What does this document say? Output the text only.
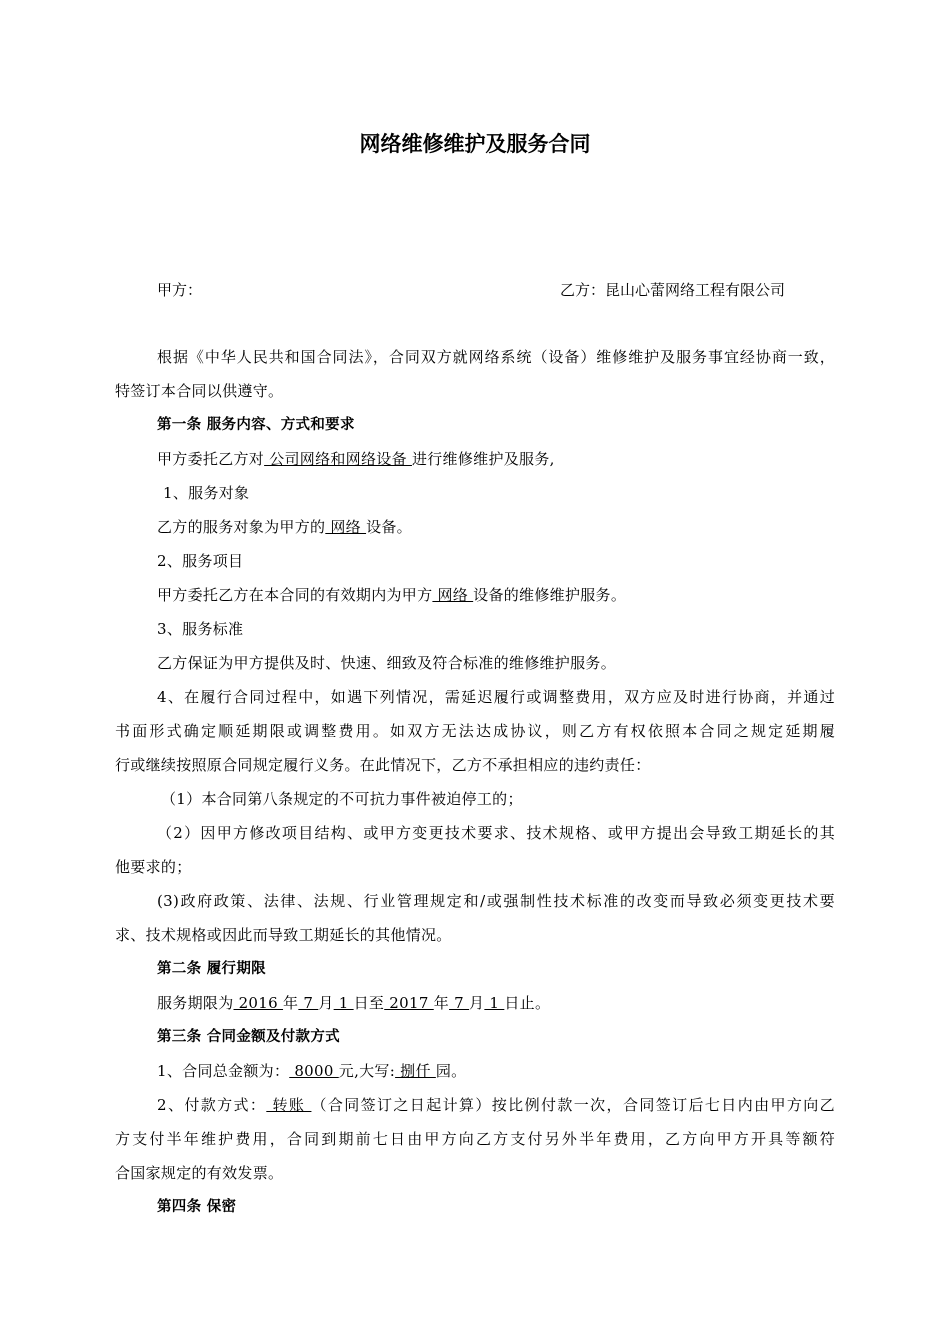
网络维修维护及服务合同
甲方：	乙方：昆山心蕾网络工程有限公司

根据《中华人民共和国合同法》，合同双方就网络系统（设备）维修维护及服务事宜经协商一致，

特签订本合同以供遵守。

第一条 服务内容、方式和要求

甲方委托乙方对 公司网络和网络设备 进行维修维护及服务,

1、服务对象

乙方的服务对象为甲方的 网络 设备。

2、服务项目

甲方委托乙方在本合同的有效期内为甲方 网络 设备的维修维护服务。

3、服务标准

乙方保证为甲方提供及时、快速、细致及符合标准的维修维护服务。

4、在履行合同过程中，如遇下列情况，需延迟履行或调整费用，双方应及时进行协商，并通过

书面形式确定顺延期限或调整费用。如双方无法达成协议，则乙方有权依照本合同之规定延期履

行或继续按照原合同规定履行义务。在此情况下，乙方不承担相应的违约责任：

（1）本合同第八条规定的不可抗力事件被迫停工的；

（2）因甲方修改项目结构、或甲方变更技术要求、技术规格、或甲方提出会导致工期延长的其

他要求的；

(3)政府政策、法律、法规、行业管理规定和/或强制性技术标准的改变而导致必须变更技术要

求、技术规格或因此而导致工期延长的其他情况。

第二条 履行期限

服务期限为 2016 年 7 月 1 日至 2017 年 7 月 1 日止。

第三条 合同金额及付款方式

1、合同总金额为： 8000 元,大写: 捌仟 园。

2、付款方式： 转账 （合同签订之日起计算）按比例付款一次，合同签订后七日内由甲方向乙

方支付半年维护费用，合同到期前七日由甲方向乙方支付另外半年费用，乙方向甲方开具等额符

合国家规定的有效发票。

第四条 保密
